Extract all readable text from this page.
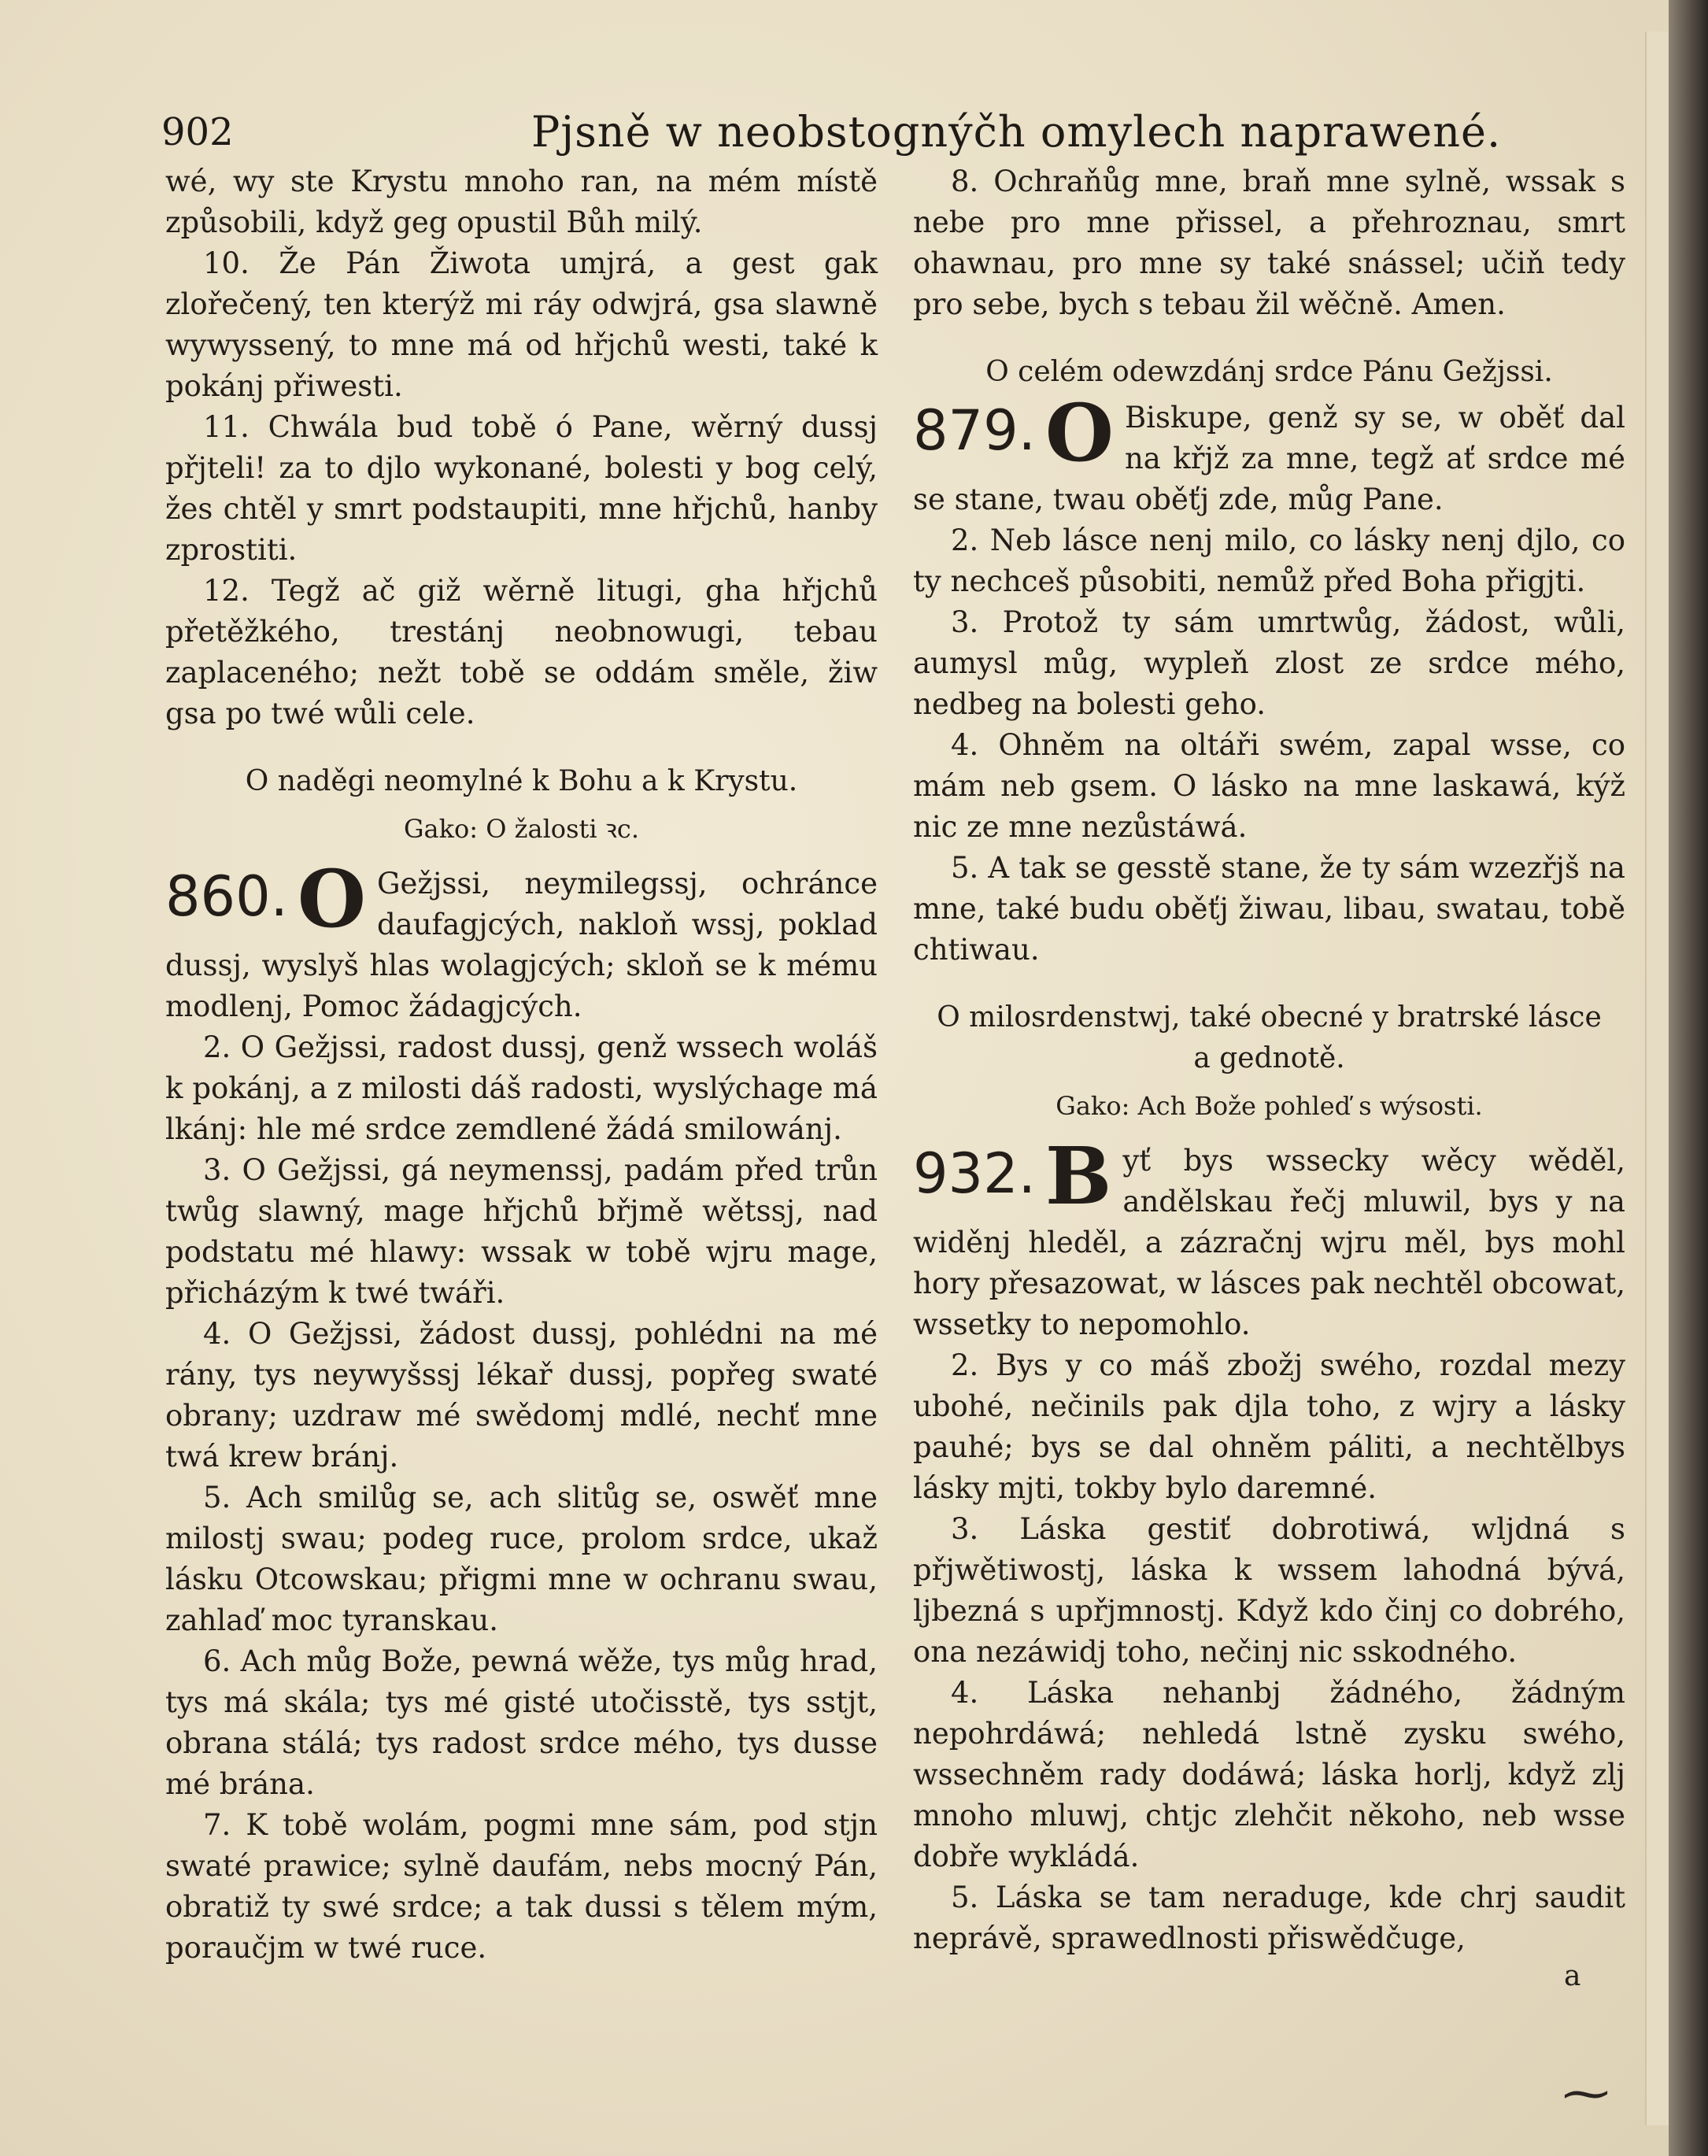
902	Pjsně w neobstognýčh omylech naprawené.

wé, wy ste Krystu mnoho ran, na mém místě způsobili, když geg opustil Bůh milý.

10. Že Pán Žiwota umjrá, a gest gak zlořečený, ten kterýž mi ráy odwjrá, gsa slawně wywyssený, to mne má od hřjchů westi, také k pokánj přiwesti.

11. Chwála bud tobě ó Pane, wěrný dussj přjteli! za to djlo wykonané, bolesti y bog celý, žes chtěl y smrt podstaupiti, mne hřjchů, hanby zprostiti.

12. Tegž ač giž wěrně litugi, gha hřjchů přetěžkého, trestánj neobnowugi, tebau zaplaceného; nežt tobě se oddám směle, žiw gsa po twé wůli cele.

O naděgi neomylné k Bohu a k Krystu.
Gako: O žalosti ꝛc.
860. O Gežjssi, neymilegssj, ochránce daufagjcých, nakloň wssj, poklad dussj, wyslyš hlas wolagjcých; skloň se k mému modlenj, Pomoc žádagjcých.

2. O Gežjssi, radost dussj, genž wssech woláš k pokánj, a z milosti dáš radosti, wyslýchage má lkánj: hle mé srdce zemdlené žádá smilowánj.

3. O Gežjssi, gá neymenssj, padám před trůn twůg slawný, mage hřjchů břjmě wětssj, nad podstatu mé hlawy: wssak w tobě wjru mage, přicházým k twé twáři.

4. O Gežjssi, žádost dussj, pohlédni na mé rány, tys neywyšssj lékař dussj, popřeg swaté obrany; uzdraw mé swědomj mdlé, nechť mne twá krew bránj.

5. Ach smilůg se, ach slitůg se, oswěť mne milostj swau; podeg ruce, prolom srdce, ukaž lásku Otcowskau; přigmi mne w ochranu swau, zahlaď moc tyranskau.

6. Ach můg Bože, pewná wěže, tys můg hrad, tys má skála; tys mé gisté utočisstě, tys sstjt, obrana stálá; tys radost srdce mého, tys dusse mé brána.

7. K tobě wolám, pogmi mne sám, pod stjn swaté prawice; sylně daufám, nebs mocný Pán, obratiž ty swé srdce; a tak dussi s tělem mým, poraučjm w twé ruce.

8. Ochraňůg mne, braň mne sylně, wssak s nebe pro mne přissel, a přehroznau, smrt ohawnau, pro mne sy také snássel; učiň tedy pro sebe, bych s tebau žil wěčně. Amen.

O celém odewzdánj srdce Pánu Gežjssi.
879. O Biskupe, genž sy se, w oběť dal na křjž za mne, tegž ať srdce mé se stane, twau oběťj zde, můg Pane.

2. Neb lásce nenj milo, co lásky nenj djlo, co ty nechceš působiti, nemůž před Boha přigjti.

3. Protož ty sám umrtwůg, žádost, wůli, aumysl můg, wypleň zlost ze srdce mého, nedbeg na bolesti geho.

4. Ohněm na oltáři swém, zapal wsse, co mám neb gsem. O lásko na mne laskawá, kýž nic ze mne nezůstáwá.

5. A tak se gesstě stane, že ty sám wzezřjš na mne, také budu oběťj žiwau, libau, swatau, tobě chtiwau.

O milosrdenstwj, také obecné y bratrské lásce
a gednotě.
Gako: Ach Bože pohleď s wýsosti.
932. B yť bys wssecky wěcy wěděl, andělskau řečj mluwil, bys y na widěnj hleděl, a zázračnj wjru měl, bys mohl hory přesazowat, w lásces pak nechtěl obcowat, wssetky to nepomohlo.

2. Bys y co máš zbožj swého, rozdal mezy ubohé, nečinils pak djla toho, z wjry a lásky pauhé; bys se dal ohněm páliti, a nechtělbys lásky mjti, tokby bylo daremné.

3. Láska gestiť dobrotiwá, wljdná s přjwětiwostj, láska k wssem lahodná bývá, ljbezná s upřjmnostj. Když kdo činj co dobrého, ona nezáwidj toho, nečinj nic sskodného.

4. Láska nehanbj žádného, žádným nepohrdáwá; nehledá lstně zysku swého, wssechněm rady dodáwá; láska horlj, když zlj mnoho mluwj, chtjc zlehčit někoho, neb wsse dobře wykládá.

5. Láska se tam neraduge, kde chrj saudit neprávě, sprawedlnosti přiswědčuge,

a
⁓
